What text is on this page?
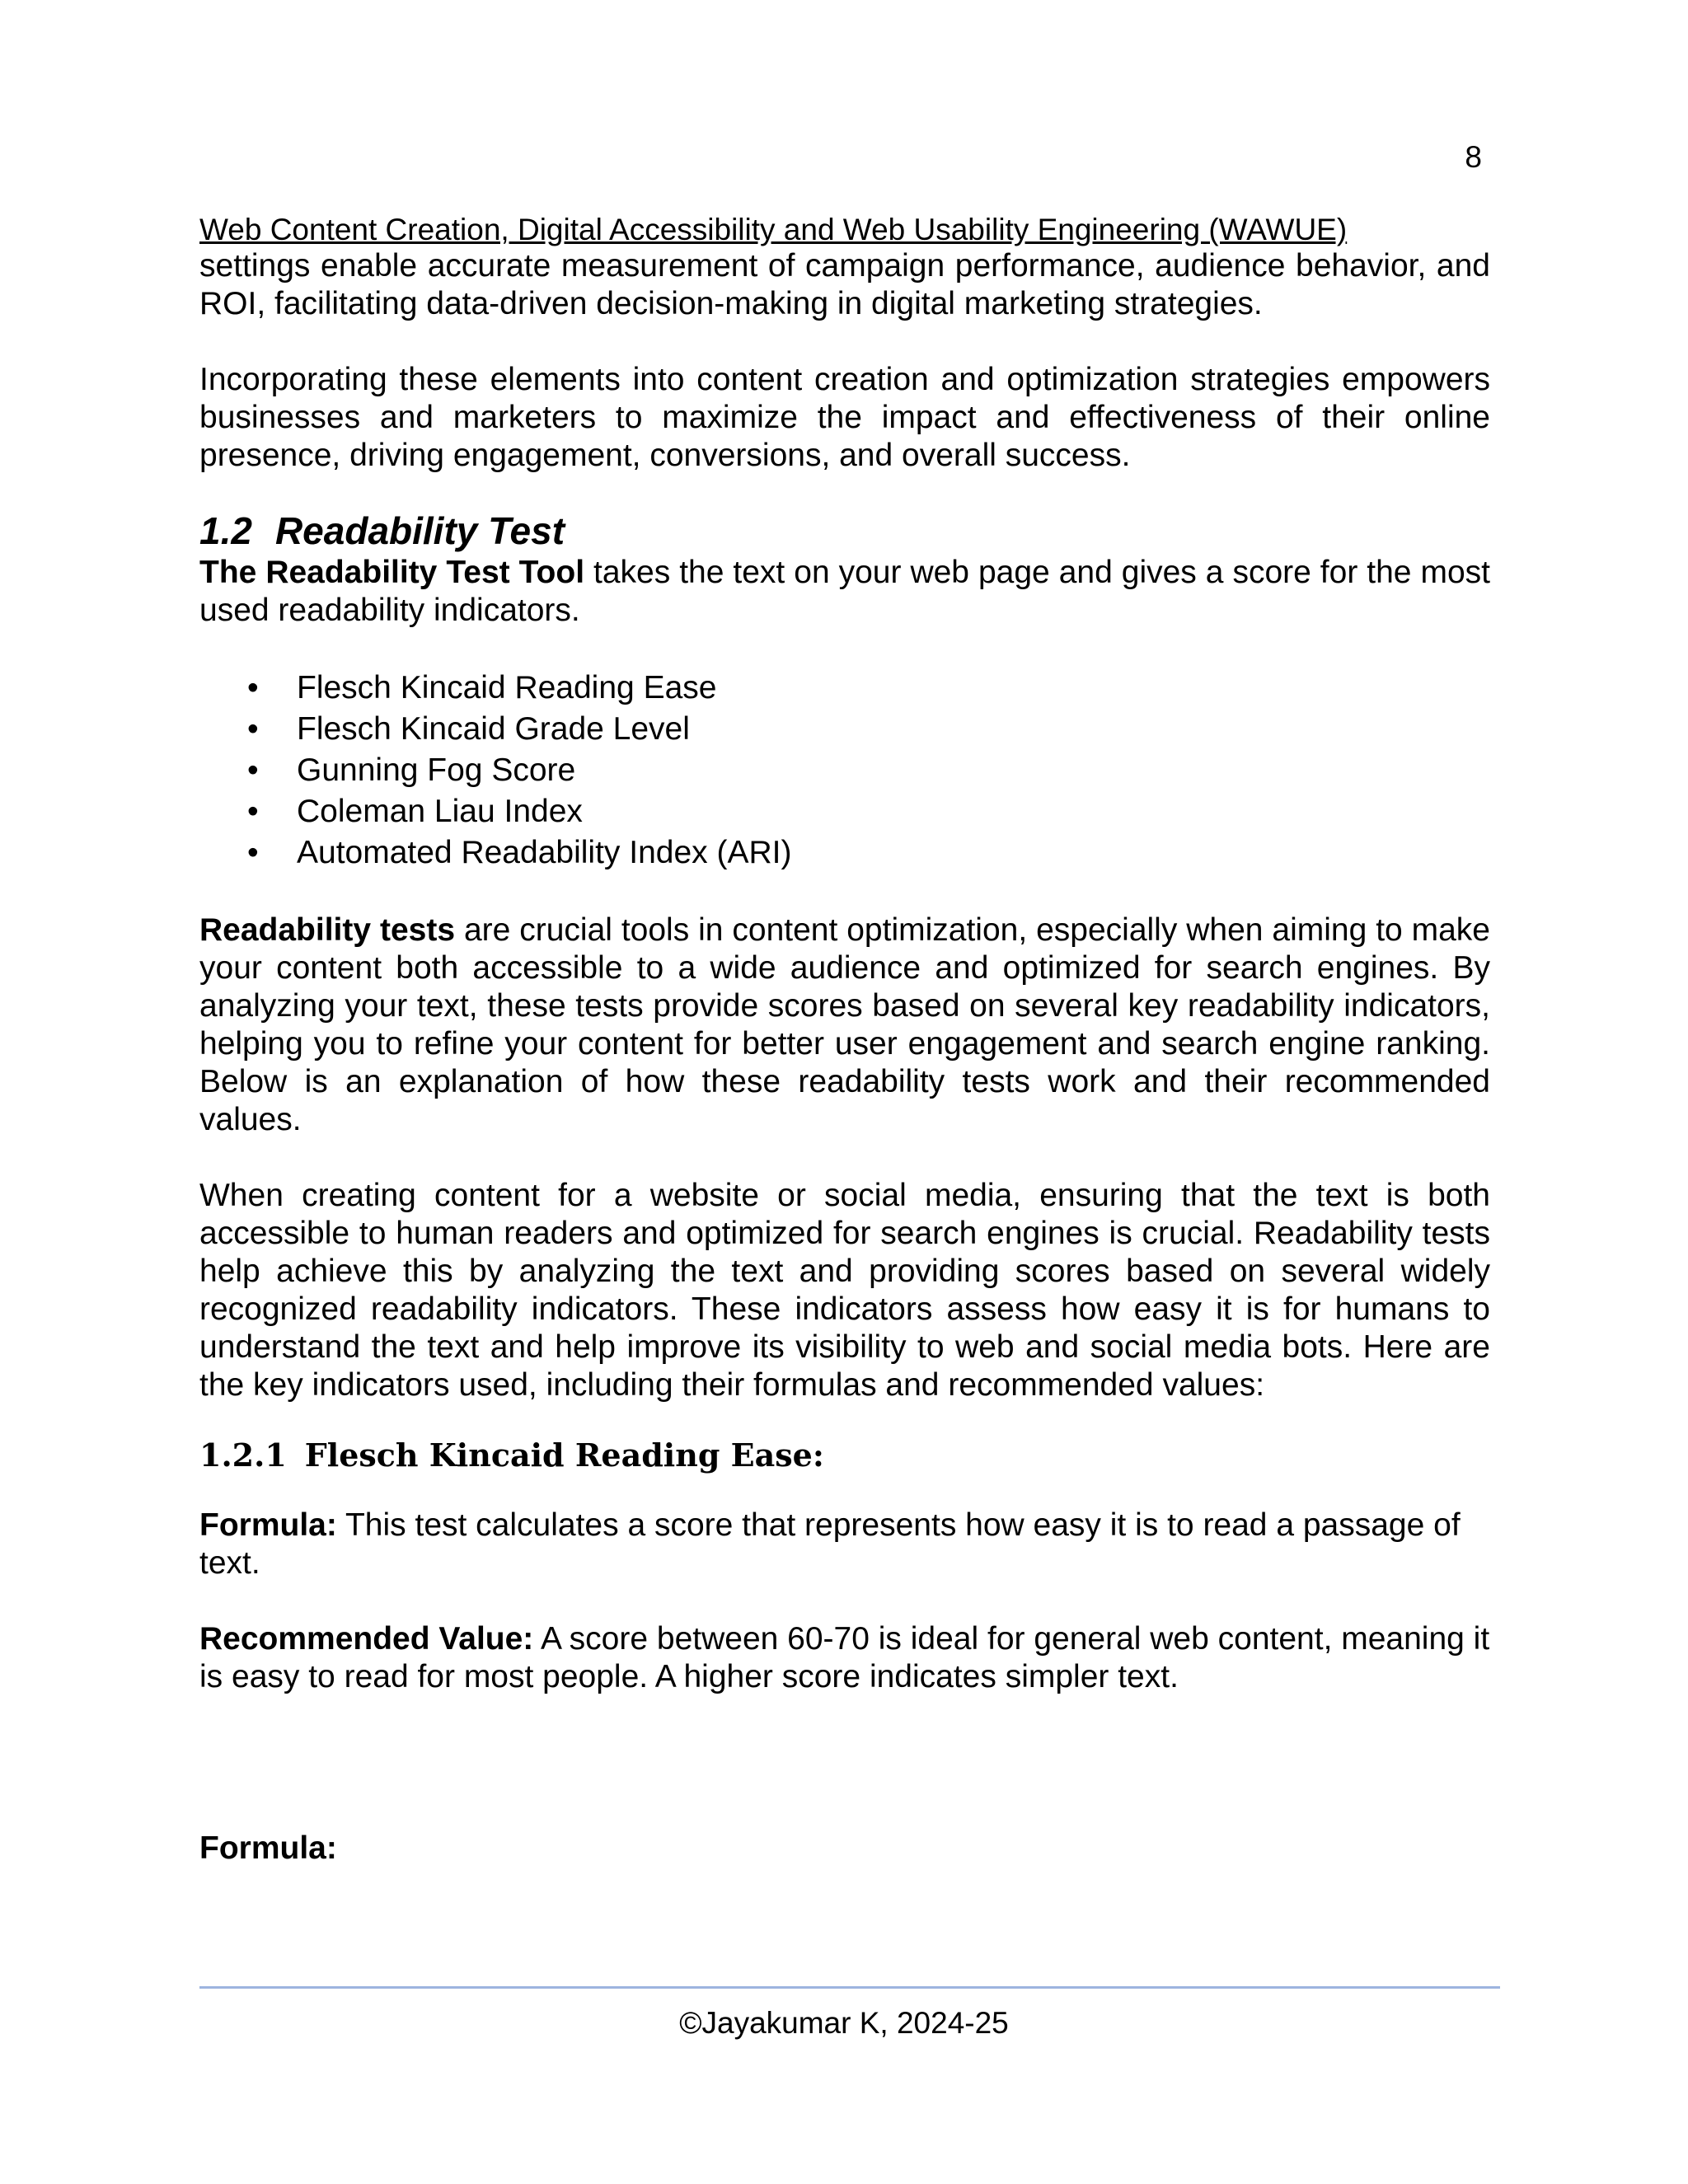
8

Web Content Creation, Digital Accessibility and Web Usability Engineering (WAWUE)

settings enable accurate measurement of campaign performance, audience behavior, and ROI, facilitating data-driven decision-making in digital marketing strategies.

Incorporating these elements into content creation and optimization strategies empowers businesses and marketers to maximize the impact and effectiveness of their online presence, driving engagement, conversions, and overall success.

1.2 Readability Test

The Readability Test Tool takes the text on your web page and gives a score for the most used readability indicators.

• Flesch Kincaid Reading Ease
• Flesch Kincaid Grade Level
• Gunning Fog Score
• Coleman Liau Index
• Automated Readability Index (ARI)

Readability tests are crucial tools in content optimization, especially when aiming to make your content both accessible to a wide audience and optimized for search engines. By analyzing your text, these tests provide scores based on several key readability indicators, helping you to refine your content for better user engagement and search engine ranking. Below is an explanation of how these readability tests work and their recommended values.

When creating content for a website or social media, ensuring that the text is both accessible to human readers and optimized for search engines is crucial. Readability tests help achieve this by analyzing the text and providing scores based on several widely recognized readability indicators. These indicators assess how easy it is for humans to understand the text and help improve its visibility to web and social media bots. Here are the key indicators used, including their formulas and recommended values:

1.2.1 Flesch Kincaid Reading Ease:

Formula: This test calculates a score that represents how easy it is to read a passage of text.

Recommended Value: A score between 60-70 is ideal for general web content, meaning it is easy to read for most people. A higher score indicates simpler text.

Formula:
©Jayakumar K, 2024-25
